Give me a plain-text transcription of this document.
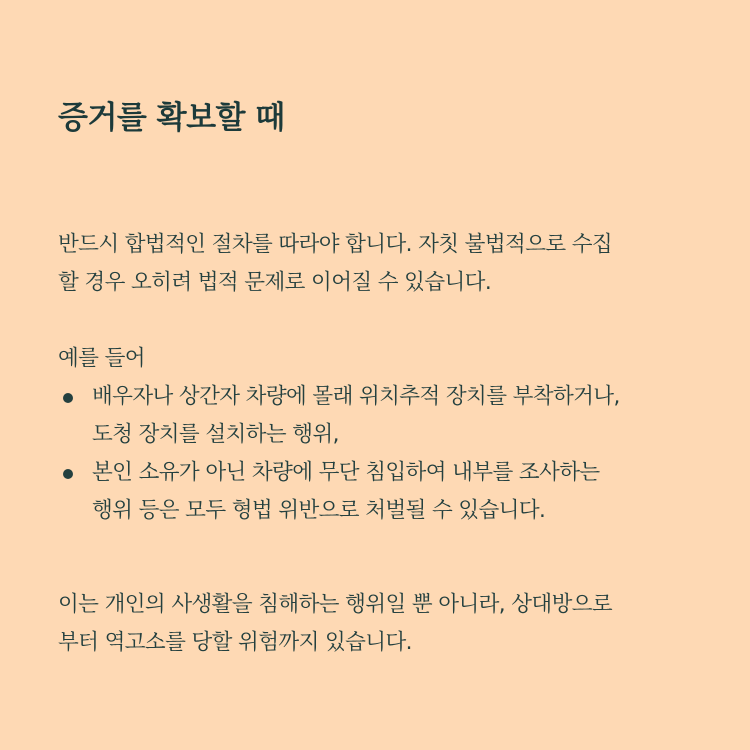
증거를 확보할 때
반드시 합법적인 절차를 따라야 합니다. 자칫 불법적으로 수집
할 경우 오히려 법적 문제로 이어질 수 있습니다.
예를 들어
배우자나 상간자 차량에 몰래 위치추적 장치를 부착하거나,
도청 장치를 설치하는 행위,
본인 소유가 아닌 차량에 무단 침입하여 내부를 조사하는
행위 등은 모두 형법 위반으로 처벌될 수 있습니다.
이는 개인의 사생활을 침해하는 행위일 뿐 아니라, 상대방으로
부터 역고소를 당할 위험까지 있습니다.
